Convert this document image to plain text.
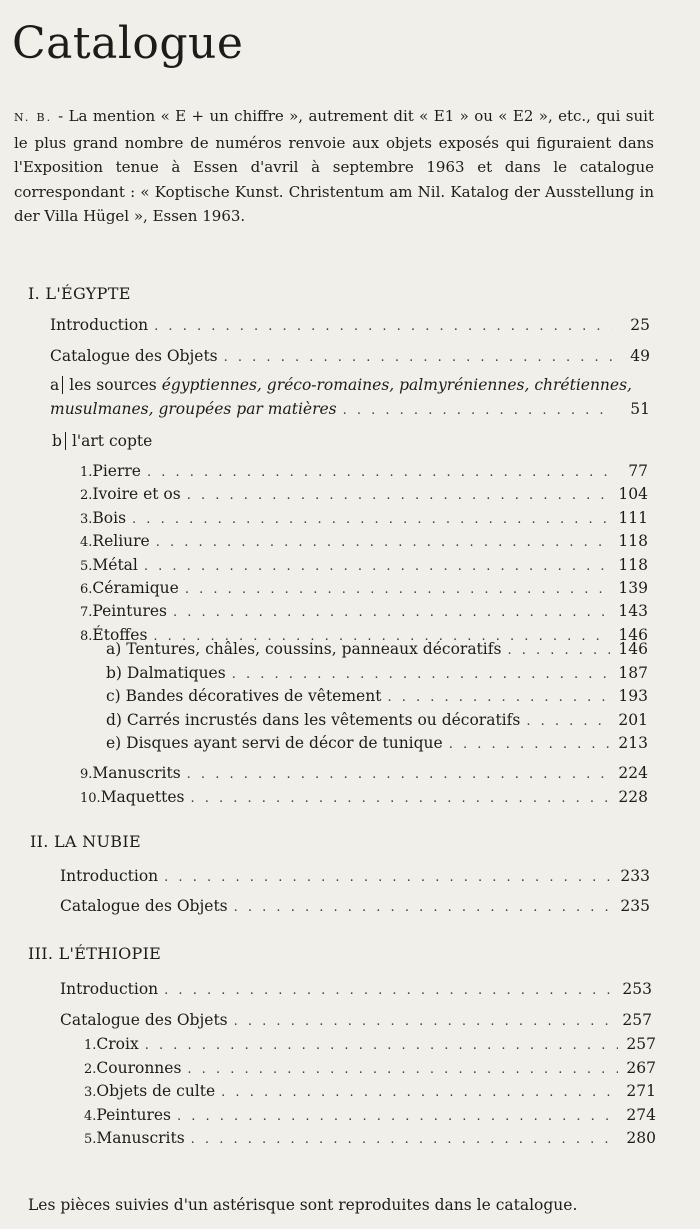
Catalogue

N. B. - La mention « E + un chiffre », autrement dit « E1 » ou « E2 », etc., qui suit le plus grand nombre de numéros renvoie aux objets exposés qui figuraient dans l'Exposition tenue à Essen d'avril à septembre 1963 et dans le catalogue correspondant : « Koptische Kunst. Christentum am Nil. Katalog der Ausstellung in der Villa Hügel », Essen 1963.

I. L'ÉGYPTE
Introduction . . .	25
Catalogue des Objets . . .	49
a les sources égyptiennes, gréco-romaines, palmyréniennes, chrétiennes,
musulmanes, groupées par matières . . .	51
b l'art copte
1. Pierre . . .	77
2. Ivoire et os . . .	104
3. Bois . . .	111
4. Reliure . . .	118
5. Métal . . .	118
6. Céramique . . .	139
7. Peintures . . .	143
8. Étoffes . . .	146
a) Tentures, châles, coussins, panneaux décoratifs . . .	146
b) Dalmatiques . . .	187
c) Bandes décoratives de vêtement . . .	193
d) Carrés incrustés dans les vêtements ou décoratifs . . .	201
e) Disques ayant servi de décor de tunique . . .	213
9. Manuscrits . . .	224
10. Maquettes . . .	228
II. LA NUBIE
Introduction . . .	233
Catalogue des Objets . . .	235
III. L'ÉTHIOPIE
Introduction . . .	253
Catalogue des Objets . . .	257
1. Croix . . .	257
2. Couronnes . . .	267
3. Objets de culte . . .	271
4. Peintures . . .	274
5. Manuscrits . . .	280

Les pièces suivies d'un astérisque sont reproduites dans le catalogue.
